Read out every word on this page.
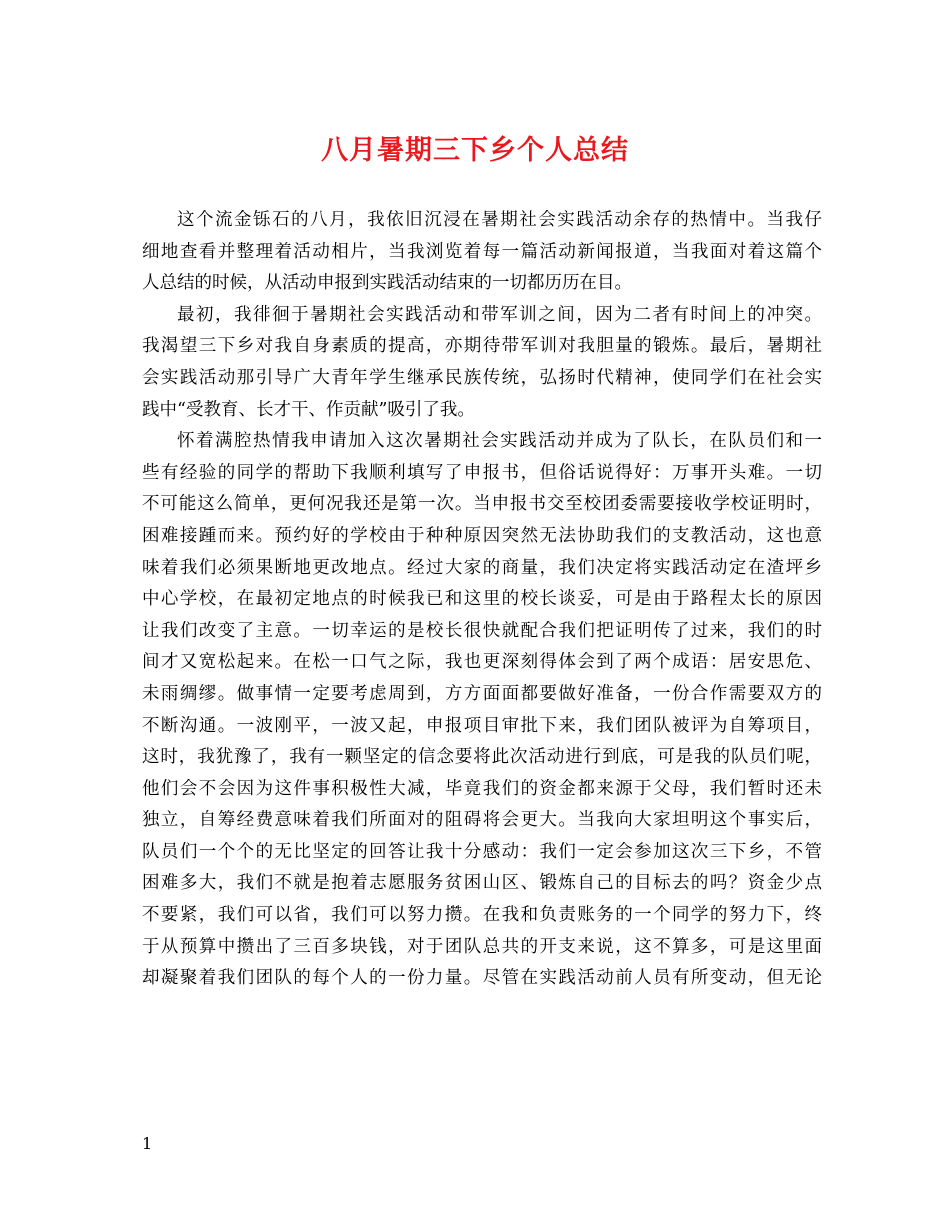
八月暑期三下乡个人总结

这个流金铄石的八月，我依旧沉浸在暑期社会实践活动余存的热情中。当我仔

细地查看并整理着活动相片，当我浏览着每一篇活动新闻报道，当我面对着这篇个

人总结的时候，从活动申报到实践活动结束的一切都历历在目。

最初，我徘徊于暑期社会实践活动和带军训之间，因为二者有时间上的冲突。

我渴望三下乡对我自身素质的提高，亦期待带军训对我胆量的锻炼。最后，暑期社

会实践活动那引导广大青年学生继承民族传统，弘扬时代精神，使同学们在社会实

践中“受教育、长才干、作贡献”吸引了我。

怀着满腔热情我申请加入这次暑期社会实践活动并成为了队长，在队员们和一

些有经验的同学的帮助下我顺利填写了申报书，但俗话说得好：万事开头难。一切

不可能这么简单，更何况我还是第一次。当申报书交至校团委需要接收学校证明时，

困难接踵而来。预约好的学校由于种种原因突然无法协助我们的支教活动，这也意

味着我们必须果断地更改地点。经过大家的商量，我们决定将实践活动定在渣坪乡

中心学校，在最初定地点的时候我已和这里的校长谈妥，可是由于路程太长的原因

让我们改变了主意。一切幸运的是校长很快就配合我们把证明传了过来，我们的时

间才又宽松起来。在松一口气之际，我也更深刻得体会到了两个成语：居安思危、

未雨绸缪。做事情一定要考虑周到，方方面面都要做好准备，一份合作需要双方的

不断沟通。一波刚平，一波又起，申报项目审批下来，我们团队被评为自筹项目，

这时，我犹豫了，我有一颗坚定的信念要将此次活动进行到底，可是我的队员们呢，

他们会不会因为这件事积极性大减，毕竟我们的资金都来源于父母，我们暂时还未

独立，自筹经费意味着我们所面对的阻碍将会更大。当我向大家坦明这个事实后，

队员们一个个的无比坚定的回答让我十分感动：我们一定会参加这次三下乡，不管

困难多大，我们不就是抱着志愿服务贫困山区、锻炼自己的目标去的吗？资金少点

不要紧，我们可以省，我们可以努力攒。在我和负责账务的一个同学的努力下，终

于从预算中攒出了三百多块钱，对于团队总共的开支来说，这不算多，可是这里面

却凝聚着我们团队的每个人的一份力量。尽管在实践活动前人员有所变动，但无论

1
